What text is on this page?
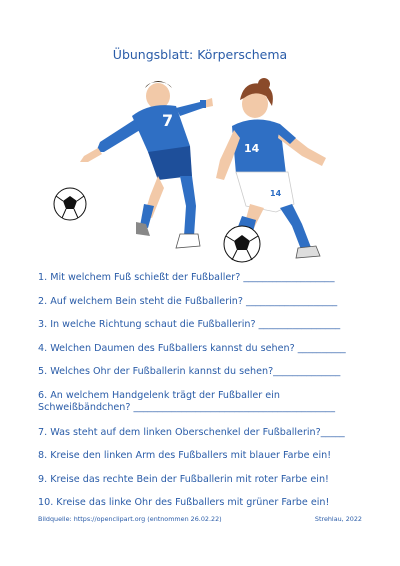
Übungsblatt: Körperschema
7
14
14
1. Mit welchem Fuß schießt der Fußballer? ___________________
2. Auf welchem Bein steht die Fußballerin? ___________________
3. In welche Richtung schaut die Fußballerin? _________________
4. Welchen Daumen des Fußballers kannst du sehen? __________
5. Welches Ohr der Fußballerin kannst du sehen?______________
6. An welchem Handgelenk trägt der Fußballer ein Schweißbändchen? __________________________________________
7. Was steht auf dem linken Oberschenkel der Fußballerin?_____
8. Kreise den linken Arm des Fußballers mit blauer Farbe ein!
9. Kreise das rechte Bein der Fußballerin mit roter Farbe ein!
10. Kreise das linke Ohr des Fußballers mit grüner Farbe ein!
Bildquelle: https://openclipart.org (entnommen 26.02.22)	Strehlau, 2022
